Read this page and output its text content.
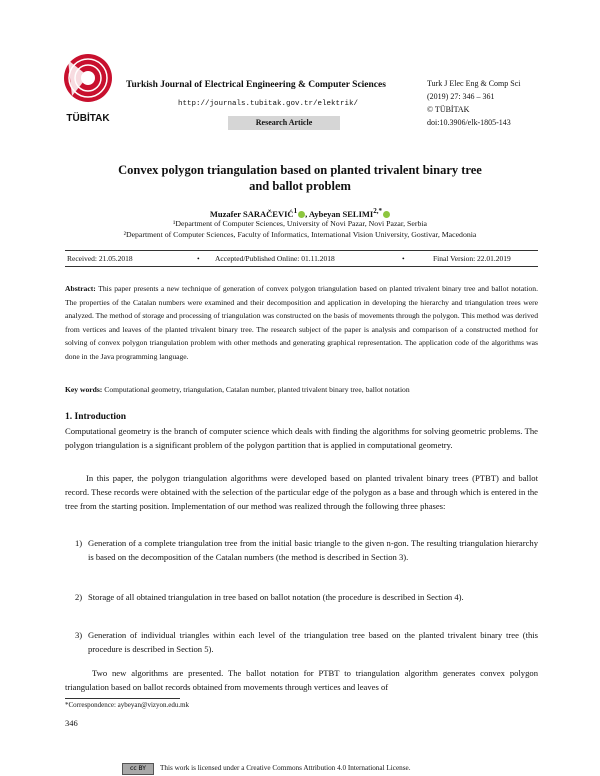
TÜBİTAK
Turkish Journal of Electrical Engineering & Computer Sciences
http://journals.tubitak.gov.tr/elektrik/
Research Article
Turk J Elec Eng & Comp Sci
(2019) 27: 346 – 361
© TÜBİTAK
doi:10.3906/elk-1805-143
Convex polygon triangulation based on planted trivalent binary tree
and ballot problem
Muzafer SARAČEVIĆ$^1$ , Aybeyan $SELIMI^{2,*}$
¹Department of Computer Sciences, University of Novi Pazar, Novi Pazar, Serbia
²Department of Computer Sciences, Faculty of Informatics, International Vision University, Gostivar, Macedonia
Received: 21.05.2018	• Accepted/Published Online: 01.11.2018	•	Final Version: 22.01.2019
Abstract: This paper presents a new technique of generation of convex polygon triangulation based on planted trivalent binary tree and ballot notation. The properties of the Catalan numbers were examined and their decomposition and application in developing the hierarchy and triangulation trees were analyzed. The method of storage and processing of triangulation was constructed on the basis of movements through the polygon. This method was derived from vertices and leaves of the planted trivalent binary tree. The research subject of the paper is analysis and comparison of a constructed method for solving of convex polygon triangulation problem with other methods and generating graphical representation. The application code of the algorithms was done in the Java programming language.
Key words: Computational geometry, triangulation, Catalan number, planted trivalent binary tree, ballot notation
1. Introduction
Computational geometry is the branch of computer science which deals with finding the algorithms for solving geometric problems. The polygon triangulation is a significant problem of the polygon partition that is applied in computational geometry.
In this paper, the polygon triangulation algorithms were developed based on planted trivalent binary trees (PTBT) and ballot record. These records were obtained with the selection of the particular edge of the polygon as a base and through which is entered in the tree from the starting position. Implementation of our method was realized through the following three phases:
1) Generation of a complete triangulation tree from the initial basic triangle to the given n-gon. The resulting triangulation hierarchy is based on the decomposition of the Catalan numbers (the method is described in Section 3).
2) Storage of all obtained triangulation in tree based on ballot notation (the procedure is described in Section 4).
3) Generation of individual triangles within each level of the triangulation tree based on the planted trivalent binary tree (this procedure is described in Section 5).
Two new algorithms are presented. The ballot notation for PTBT to triangulation algorithm generates convex polygon triangulation based on ballot records obtained from movements through vertices and leaves of
*Correspondence: aybeyan@vizyon.edu.mk
346
cc BY	This work is licensed under a Creative Commons Attribution 4.0 International License.
